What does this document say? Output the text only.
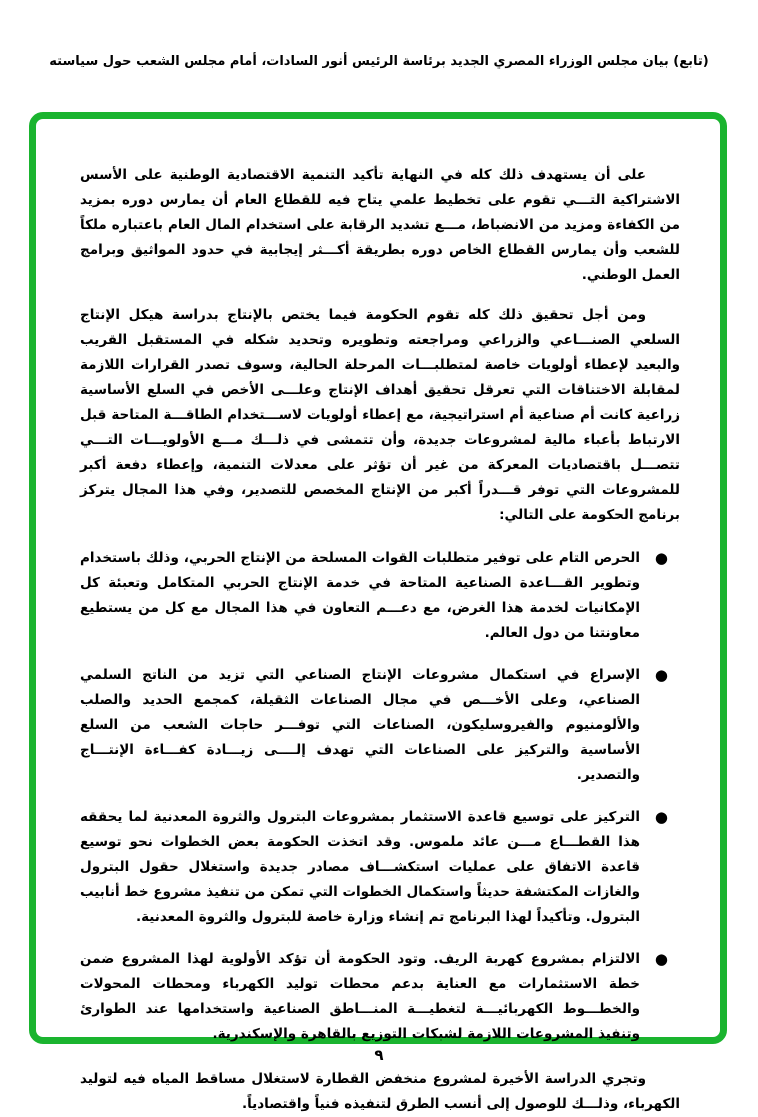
(تابع) بيان مجلس الوزراء المصري الجديد برئاسة الرئيس أنور السادات، أمام مجلس الشعب حول سياسته

على أن يستهدف ذلك كله في النهاية تأكيد التنمية الاقتصادية الوطنية على الأسس الاشتراكية التـــي تقوم على تخطيط علمي يتاح فيه للقطاع العام أن يمارس دوره بمزيد من الكفاءة ومزيد من الانضباط، مـــع تشديد الرقابة على استخدام المال العام باعتباره ملكاً للشعب وأن يمارس القطاع الخاص دوره بطريقة أكـــثر إيجابية في حدود المواثيق وبرامج العمل الوطني.

ومن أجل تحقيق ذلك كله تقوم الحكومة فيما يختص بالإنتاج بدراسة هيكل الإنتاج السلعي الصنـــاعي والزراعي ومراجعته وتطويره وتحديد شكله في المستقبل القريب والبعيد لإعطاء أولويات خاصة لمتطلبـــات المرحلة الحالية، وسوف تصدر القرارات اللازمة لمقابلة الاختناقات التي تعرقل تحقيق أهداف الإنتاج وعلـــى الأخص في السلع الأساسية زراعية كانت أم صناعية أم استراتيجية، مع إعطاء أولويات لاســـتخدام الطاقـــة المتاحة قبل الارتباط بأعباء مالية لمشروعات جديدة، وأن تتمشى في ذلـــك مـــع الأولويـــات التـــي تتصـــل باقتصاديات المعركة من غير أن تؤثر على معدلات التنمية، وإعطاء دفعة أكبر للمشروعات التي توفر قـــدراً أكبر من الإنتاج المخصص للتصدير، وفي هذا المجال يتركز برنامج الحكومة على التالي:

●
الحرص التام على توفير متطلبات القوات المسلحة من الإنتاج الحربي، وذلك باستخدام وتطوير القـــاعدة الصناعية المتاحة في خدمة الإنتاج الحربي المتكامل وتعبئة كل الإمكانيات لخدمة هذا الغرض، مع دعـــم التعاون في هذا المجال مع كل من يستطيع معاونتنا من دول العالم.
●
الإسراع في استكمال مشروعات الإنتاج الصناعي التي تزيد من الناتج السلمي الصناعي، وعلى الأخـــص في مجال الصناعات الثقيلة، كمجمع الحديد والصلب والألومنيوم والفيروسليكون، الصناعات التي توفـــر حاجات الشعب من السلع الأساسية والتركيز على الصناعات التي تهدف إلــــى زيـــادة كفـــاءة الإنتـــاج والتصدير.
●
التركيز على توسيع قاعدة الاستثمار بمشروعات البترول والثروة المعدنية لما يحققه هذا القطـــاع مـــن عائد ملموس. وقد اتخذت الحكومة بعض الخطوات نحو توسيع قاعدة الاتفاق على عمليات استكشـــاف مصادر جديدة واستغلال حقول البترول والغازات المكتشفة حديثاً واستكمال الخطوات التي تمكن من تنفيذ مشروع خط أنابيب البترول. وتأكيداً لهذا البرنامج تم إنشاء وزارة خاصة للبترول والثروة المعدنية.
●
الالتزام بمشروع كهربة الريف. وتود الحكومة أن تؤكد الأولوية لهذا المشروع ضمن خطة الاستثمارات مع العناية بدعم محطات توليد الكهرباء ومحطات المحولات والخطـــوط الكهربائيـــة لتغطيـــة المنـــاطق الصناعية واستخدامها عند الطوارئ وتنفيذ المشروعات اللازمة لشبكات التوزيع بالقاهرة والإسكندرية.

وتجري الدراسة الأخيرة لمشروع منخفض القطارة لاستغلال مساقط المياه فيه لتوليد الكهرباء، وذلـــك للوصول إلى أنسب الطرق لتنفيذه فنياً واقتصادياً.

٩
